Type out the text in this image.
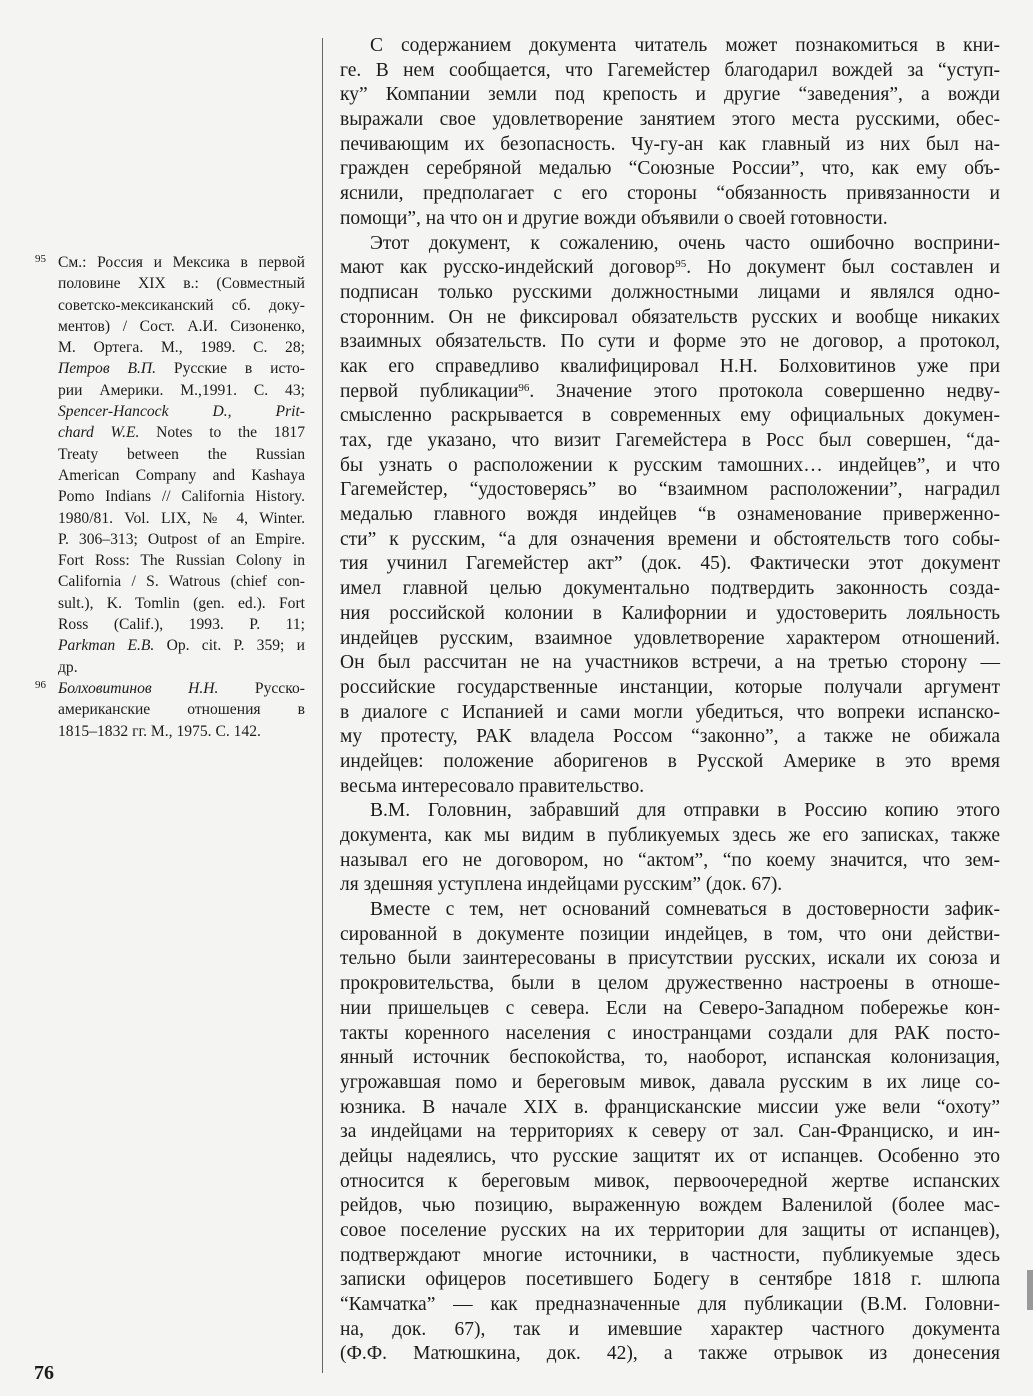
95 См.: Россия и Мексика в первой
половине XIX в.: (Совместный
советско-мексиканский сб. доку-
ментов) / Сост. А.И. Сизоненко,
М. Ортега. М., 1989. С. 28;
Петров В.П. Русские в исто-
рии Америки. М.,1991. С. 43;
Spencer-Hancock D., Prit-
chard W.E. Notes to the 1817
Treaty between the Russian
American Company and Kashaya
Pomo Indians // California History.
1980/81. Vol. LIX, № 4, Winter.
P. 306–313; Outpost of an Empire.
Fort Ross: The Russian Colony in
California / S. Watrous (chief con-
sult.), K. Tomlin (gen. ed.). Fort
Ross (Calif.), 1993. P. 11;
Parkman E.B. Op. cit. P. 359; и
др.
96 Болховитинов Н.Н. Русско-
американские отношения в
1815–1832 гг. М., 1975. С. 142.
С содержанием документа читатель может познакомиться в кни-
ге. В нем сообщается, что Гагемейстер благодарил вождей за “уступ-
ку” Компании земли под крепость и другие “заведения”, а вожди
выражали свое удовлетворение занятием этого места русскими, обес-
печивающим их безопасность. Чу-гу-ан как главный из них был на-
гражден серебряной медалью “Союзные России”, что, как ему объ-
яснили, предполагает с его стороны “обязанность привязанности и
помощи”, на что он и другие вожди объявили о своей готовности.
Этот документ, к сожалению, очень часто ошибочно восприни-
мают как русско-индейский договор$^{95}$. Но документ был составлен и
подписан только русскими должностными лицами и являлся одно-
сторонним. Он не фиксировал обязательств русских и вообще никаких
взаимных обязательств. По сути и форме это не договор, а протокол,
как его справедливо квалифицировал Н.Н. Болховитинов уже при
первой публикации$^{96}$. Значение этого протокола совершенно недву-
смысленно раскрывается в современных ему официальных докумен-
тах, где указано, что визит Гагемейстера в Росс был совершен, “да-
бы узнать о расположении к русским тамошних… индейцев”, и что
Гагемейстер, “удостоверясь” во “взаимном расположении”, наградил
медалью главного вождя индейцев “в ознаменование приверженно-
сти” к русским, “а для означения времени и обстоятельств того собы-
тия учинил Гагемейстер акт” (док. 45). Фактически этот документ
имел главной целью документально подтвердить законность созда-
ния российской колонии в Калифорнии и удостоверить лояльность
индейцев русским, взаимное удовлетворение характером отношений.
Он был рассчитан не на участников встречи, а на третью сторону —
российские государственные инстанции, которые получали аргумент
в диалоге с Испанией и сами могли убедиться, что вопреки испанско-
му протесту, РАК владела Россом “законно”, а также не обижала
индейцев: положение аборигенов в Русской Америке в это время
весьма интересовало правительство.
В.М. Головнин, забравший для отправки в Россию копию этого
документа, как мы видим в публикуемых здесь же его записках, также
называл его не договором, но “актом”, “по коему значится, что зем-
ля здешняя уступлена индейцами русским” (док. 67).
Вместе с тем, нет оснований сомневаться в достоверности зафик-
сированной в документе позиции индейцев, в том, что они действи-
тельно были заинтересованы в присутствии русских, искали их союза и
прокровительства, были в целом дружественно настроены в отноше-
нии пришельцев с севера. Если на Северо-Западном побережье кон-
такты коренного населения с иностранцами создали для РАК посто-
янный источник беспокойства, то, наоборот, испанская колонизация,
угрожавшая помо и береговым мивок, давала русским в их лице со-
юзника. В начале XIX в. францисканские миссии уже вели “охоту”
за индейцами на территориях к северу от зал. Сан-Франциско, и ин-
дейцы надеялись, что русские защитят их от испанцев. Особенно это
относится к береговым мивок, первоочередной жертве испанских
рейдов, чью позицию, выраженную вождем Валенилой (более мас-
совое поселение русских на их территории для защиты от испанцев),
подтверждают многие источники, в частности, публикуемые здесь
записки офицеров посетившего Бодегу в сентябре 1818 г. шлюпа
“Камчатка” — как предназначенные для публикации (В.М. Головни-
на, док. 67), так и имевшие характер частного документа
(Ф.Ф. Матюшкина, док. 42), а также отрывок из донесения
76
